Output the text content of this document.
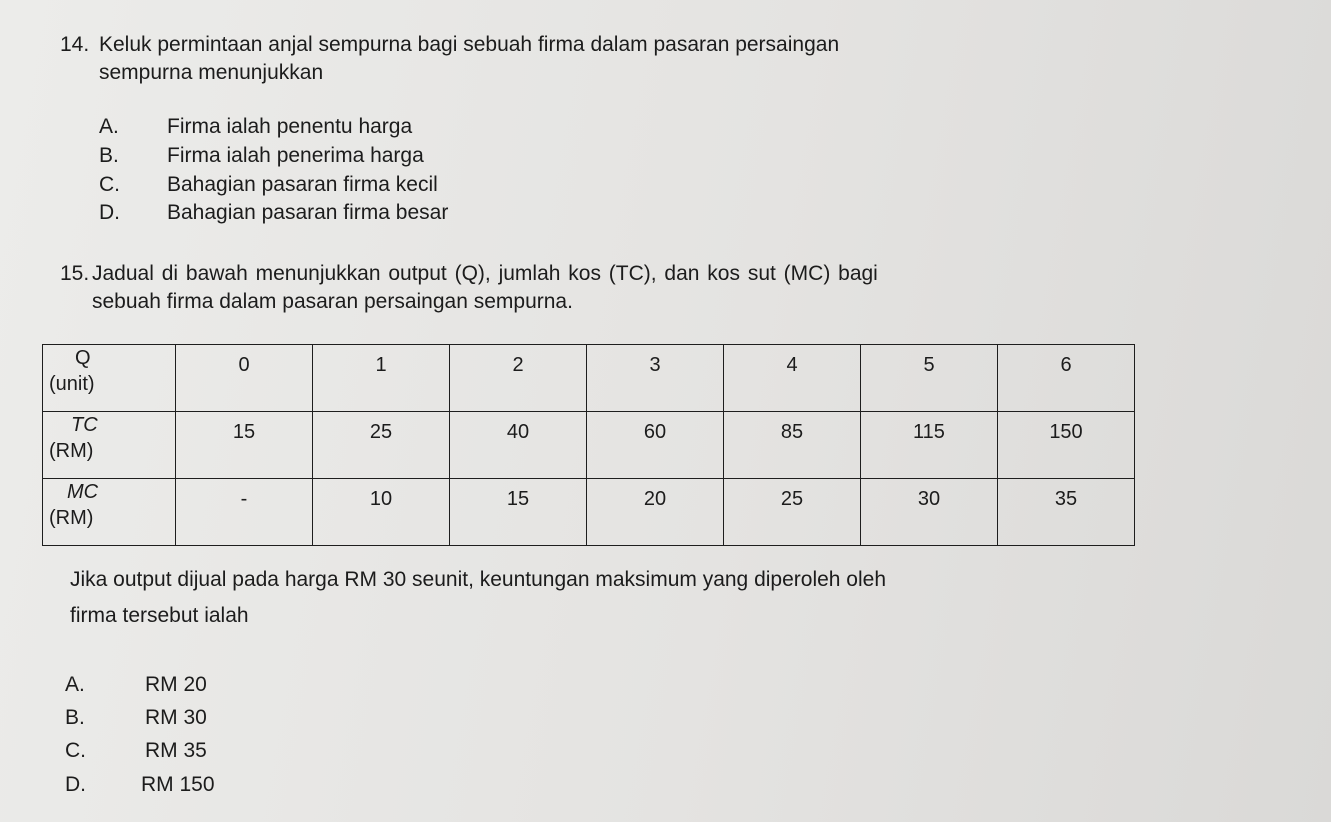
14. Keluk permintaan anjal sempurna bagi sebuah firma dalam pasaran persaingan
sempurna menunjukkan
A. Firma ialah penentu harga
B. Firma ialah penerima harga
C. Bahagian pasaran firma kecil
D. Bahagian pasaran firma besar
15. Jadual di bawah menunjukkan output (Q), jumlah kos (TC), dan kos sut (MC) bagi
sebuah firma dalam pasaran persaingan sempurna.
Q
(unit)	0	1	2	3	4	5	6

TC
(RM)	15	25	40	60	85	115	150

MC
(RM)	-	10	15	20	25	30	35
Jika output dijual pada harga RM 30 seunit, keuntungan maksimum yang diperoleh oleh
firma tersebut ialah
A.	RM 20
B.	RM 30
C.	RM 35
D.	RM 150
